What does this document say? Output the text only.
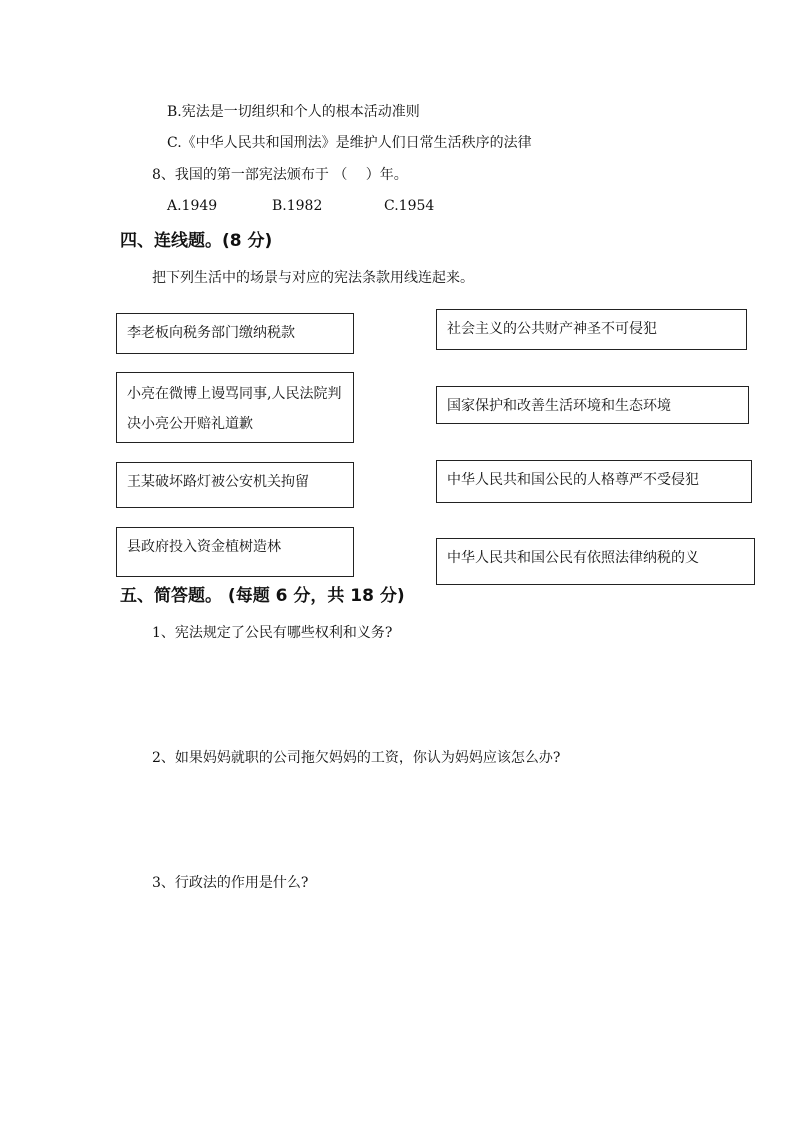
B.宪法是一切组织和个人的根本活动准则
C.《中华人民共和国刑法》是维护人们日常生活秩序的法律
8、我国的第一部宪法颁布于 （　 ）年。
A.1949	B.1982	C.1954
四、连线题。(8 分)
把下列生活中的场景与对应的宪法条款用线连起来。
李老板向税务部门缴纳税款
小亮在微博上谩骂同事,人民法院判决小亮公开赔礼道歉
王某破坏路灯被公安机关拘留
县政府投入资金植树造林
社会主义的公共财产神圣不可侵犯
国家保护和改善生活环境和生态环境
中华人民共和国公民的人格尊严不受侵犯
中华人民共和国公民有依照法律纳税的义
五、简答题。 (每题 6 分，共 18 分)
1、宪法规定了公民有哪些权利和义务?
2、如果妈妈就职的公司拖欠妈妈的工资，你认为妈妈应该怎么办?
3、行政法的作用是什么?
